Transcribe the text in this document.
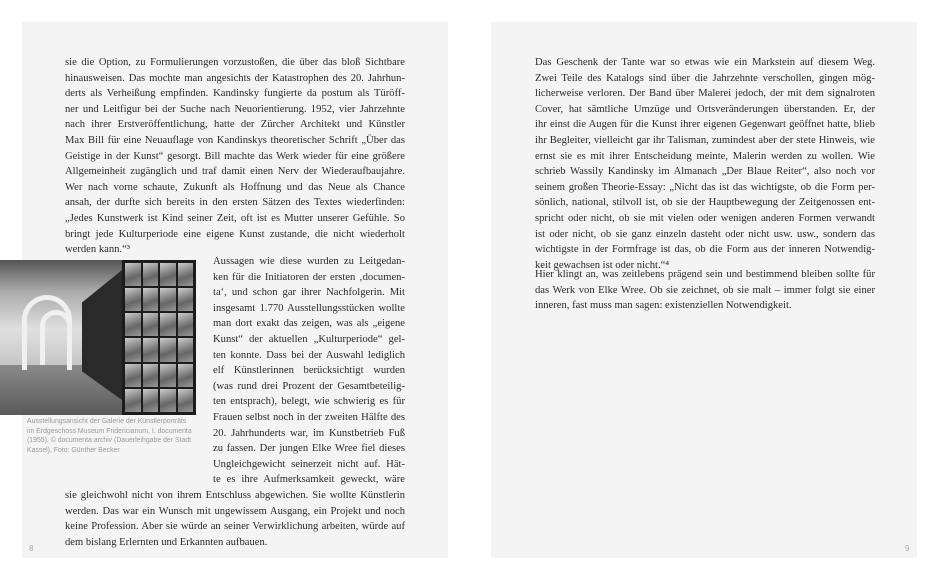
sie die Option, zu Formulierungen vorzustoßen, die über das bloß Sichtbare
hinausweisen. Das mochte man angesichts der Katastrophen des 20. Jahrhun-
derts als Verheißung empfinden. Kandinsky fungierte da postum als Türöff-
ner und Leitfigur bei der Suche nach Neuorientierung. 1952, vier Jahrzehnte
nach ihrer Erstveröffentlichung, hatte der Zürcher Architekt und Künstler
Max Bill für eine Neuauflage von Kandinskys theoretischer Schrift „Über das
Geistige in der Kunst“ gesorgt. Bill machte das Werk wieder für eine größere
Allgemeinheit zugänglich und traf damit einen Nerv der Wiederaufbaujahre.
Wer nach vorne schaute, Zukunft als Hoffnung und das Neue als Chance
ansah, der durfte sich bereits in den ersten Sätzen des Textes wiederfinden:
„Jedes Kunstwerk ist Kind seiner Zeit, oft ist es Mutter unserer Gefühle. So
bringt jede Kulturperiode eine eigene Kunst zustande, die nicht wiederholt
werden kann.“³
Aussagen wie diese wurden zu Leitgedan-
ken für die Initiatoren der ersten ‚documen-
ta‘, und schon gar ihrer Nachfolgerin. Mit
insgesamt 1.770 Ausstellungsstücken wollte
man dort exakt das zeigen, was als „eigene
Kunst“ der aktuellen „Kulturperiode“ gel-
ten konnte. Dass bei der Auswahl lediglich
elf Künstlerinnen berücksichtigt wurden
(was rund drei Prozent der Gesamtbeteilig-
ten entsprach), belegt, wie schwierig es für
Frauen selbst noch in der zweiten Hälfte des
20. Jahrhunderts war, im Kunstbetrieb Fuß
zu fassen. Der jungen Elke Wree fiel dieses
Ungleichgewicht seinerzeit nicht auf. Hät-
te es ihre Aufmerksamkeit geweckt, wäre
sie gleichwohl nicht von ihrem Entschluss abgewichen. Sie wollte Künstlerin
werden. Das war ein Wunsch mit ungewissem Ausgang, ein Projekt und noch
keine Profession. Aber sie würde an seiner Verwirklichung arbeiten, würde auf
dem bislang Erlernten und Erkannten aufbauen.
Ausstellungsansicht der Galerie der Künstlerporträts
im Erdgeschoss Museum Fridericianum, I. documenta
(1955), © documenta archiv (Dauerleihgabe der Stadt
Kassel), Foto: Günther Becker
8	9
Das Geschenk der Tante war so etwas wie ein Markstein auf diesem Weg.
Zwei Teile des Katalogs sind über die Jahrzehnte verschollen, gingen mög-
licherweise verloren. Der Band über Malerei jedoch, der mit dem signalroten
Cover, hat sämtliche Umzüge und Ortsveränderungen überstanden. Er, der
ihr einst die Augen für die Kunst ihrer eigenen Gegenwart geöffnet hatte, blieb
ihr Begleiter, vielleicht gar ihr Talisman, zumindest aber der stete Hinweis, wie
ernst sie es mit ihrer Entscheidung meinte, Malerin werden zu wollen. Wie
schrieb Wassily Kandinsky im Almanach „Der Blaue Reiter“, also noch vor
seinem großen Theorie-Essay: „Nicht das ist das wichtigste, ob die Form per-
sönlich, national, stilvoll ist, ob sie der Hauptbewegung der Zeitgenossen ent-
spricht oder nicht, ob sie mit vielen oder wenigen anderen Formen verwandt
ist oder nicht, ob sie ganz einzeln dasteht oder nicht usw. usw., sondern das
wichtigste in der Formfrage ist das, ob die Form aus der inneren Notwendig-
keit gewachsen ist oder nicht.“⁴
Hier klingt an, was zeitlebens prägend sein und bestimmend bleiben sollte für
das Werk von Elke Wree. Ob sie zeichnet, ob sie malt – immer folgt sie einer
inneren, fast muss man sagen: existenziellen Notwendigkeit.
